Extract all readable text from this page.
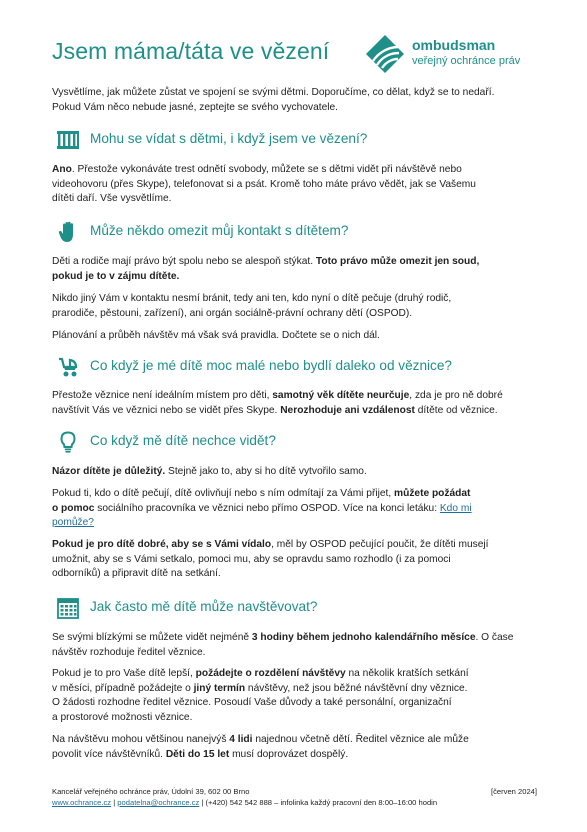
Jsem máma/táta ve vězení	ombudsman
veřejný ochránce práv

Vysvětlíme, jak můžete zůstat ve spojení se svými dětmi. Doporučíme, co dělat, když se to nedaří.
Pokud Vám něco nebude jasné, zeptejte se svého vychovatele.

Mohu se vídat s dětmi, i když jsem ve vězení?

Ano. Přestože vykonáváte trest odnětí svobody, můžete se s dětmi vidět při návštěvě nebo
videohovoru (přes Skype), telefonovat si a psát. Kromě toho máte právo vědět, jak se Vašemu
dítěti daří. Vše vysvětlíme.

Může někdo omezit můj kontakt s dítětem?

Děti a rodiče mají právo být spolu nebo se alespoň stýkat. Toto právo může omezit jen soud,
pokud je to v zájmu dítěte.

Nikdo jiný Vám v kontaktu nesmí bránit, tedy ani ten, kdo nyní o dítě pečuje (druhý rodič,
prarodiče, pěstouni, zařízení), ani orgán sociálně-právní ochrany dětí (OSPOD).

Plánování a průběh návštěv má však svá pravidla. Dočtete se o nich dál.

Co když je mé dítě moc malé nebo bydlí daleko od věznice?

Přestože věznice není ideálním místem pro děti, samotný věk dítěte neurčuje, zda je pro ně dobré
navštívit Vás ve věznici nebo se vidět přes Skype. Nerozhoduje ani vzdálenost dítěte od věznice.

Co když mě dítě nechce vidět?

Názor dítěte je důležitý. Stejně jako to, aby si ho dítě vytvořilo samo.

Pokud ti, kdo o dítě pečují, dítě ovlivňují nebo s ním odmítají za Vámi přijet, můžete požádat
o pomoc sociálního pracovníka ve věznici nebo přímo OSPOD. Více na konci letáku: Kdo mi
pomůže?

Pokud je pro dítě dobré, aby se s Vámi vídalo, měl by OSPOD pečující poučit, že dítěti musejí
umožnit, aby se s Vámi setkalo, pomoci mu, aby se opravdu samo rozhodlo (i za pomoci
odborníků) a připravit dítě na setkání.

Jak často mě dítě může navštěvovat?

Se svými blízkými se můžete vidět nejméně 3 hodiny během jednoho kalendářního měsíce. O čase
návštěv rozhoduje ředitel věznice.

Pokud je to pro Vaše dítě lepší, požádejte o rozdělení návštěvy na několik kratších setkání
v měsíci, případně požádejte o jiný termín návštěvy, než jsou běžné návštěvní dny věznice.
O žádosti rozhodne ředitel věznice. Posoudí Vaše důvody a také personální, organizační
a prostorové možnosti věznice.

Na návštěvu mohou většinou nanejvýš 4 lidi najednou včetně dětí. Ředitel věznice ale může
povolit více návštěvníků. Děti do 15 let musí doprovázet dospělý.

Kancelář veřejného ochránce práv, Údolní 39, 602 00 Brno	[červen 2024]
www.ochrance.cz | podatelna@ochrance.cz | (+420) 542 542 888 – infolinka každý pracovní den 8:00–16:00 hodin
